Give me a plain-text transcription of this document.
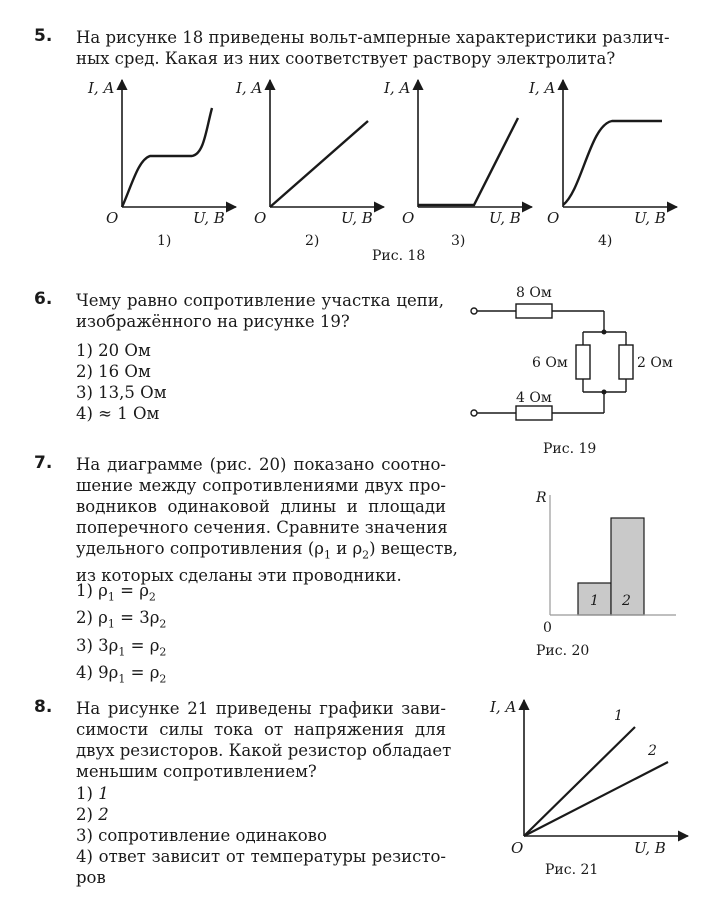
5. На рисунке 18 приведены вольт-амперные характеристики различ-
ных сред. Какая из них соответствует раствору электролита?
I, A	I, A	I, A	I, A
O	O	O	O
U, B	U, B	U, B	U, B
1)	2)	3)	4)
Рис. 18
6. Чему равно сопротивление участка цепи,
изображённого на рисунке 19?
1) 20 Ом
2) 16 Ом
3) 13,5 Ом
4) ≈ 1 Ом
8 Ом
6 Ом	2 Ом
4 Ом
Рис. 19
7. На диаграмме (рис. 20) показано соотно-
шение между сопротивлениями двух про-
водников одинаковой длины и площади
поперечного сечения. Сравните значения
удельного сопротивления ($\rho_1$ и $\rho_2$) веществ,
из которых сделаны эти проводники.
1) $\rho_1 = \rho_2$
2) $\rho_1 = 3\rho_2$
3) $3\rho_1 = \rho_2$
4) $9\rho_1 = \rho_2$
R
0
1 2
Рис. 20
8. На рисунке 21 приведены графики зави-
симости силы тока от напряжения для
двух резисторов. Какой резистор обладает
меньшим сопротивлением?
1) 1
2) 2
3) сопротивление одинаково
4) ответ зависит от температуры резисто-
ров
I, A
O	U, B
1
2
Рис. 21
